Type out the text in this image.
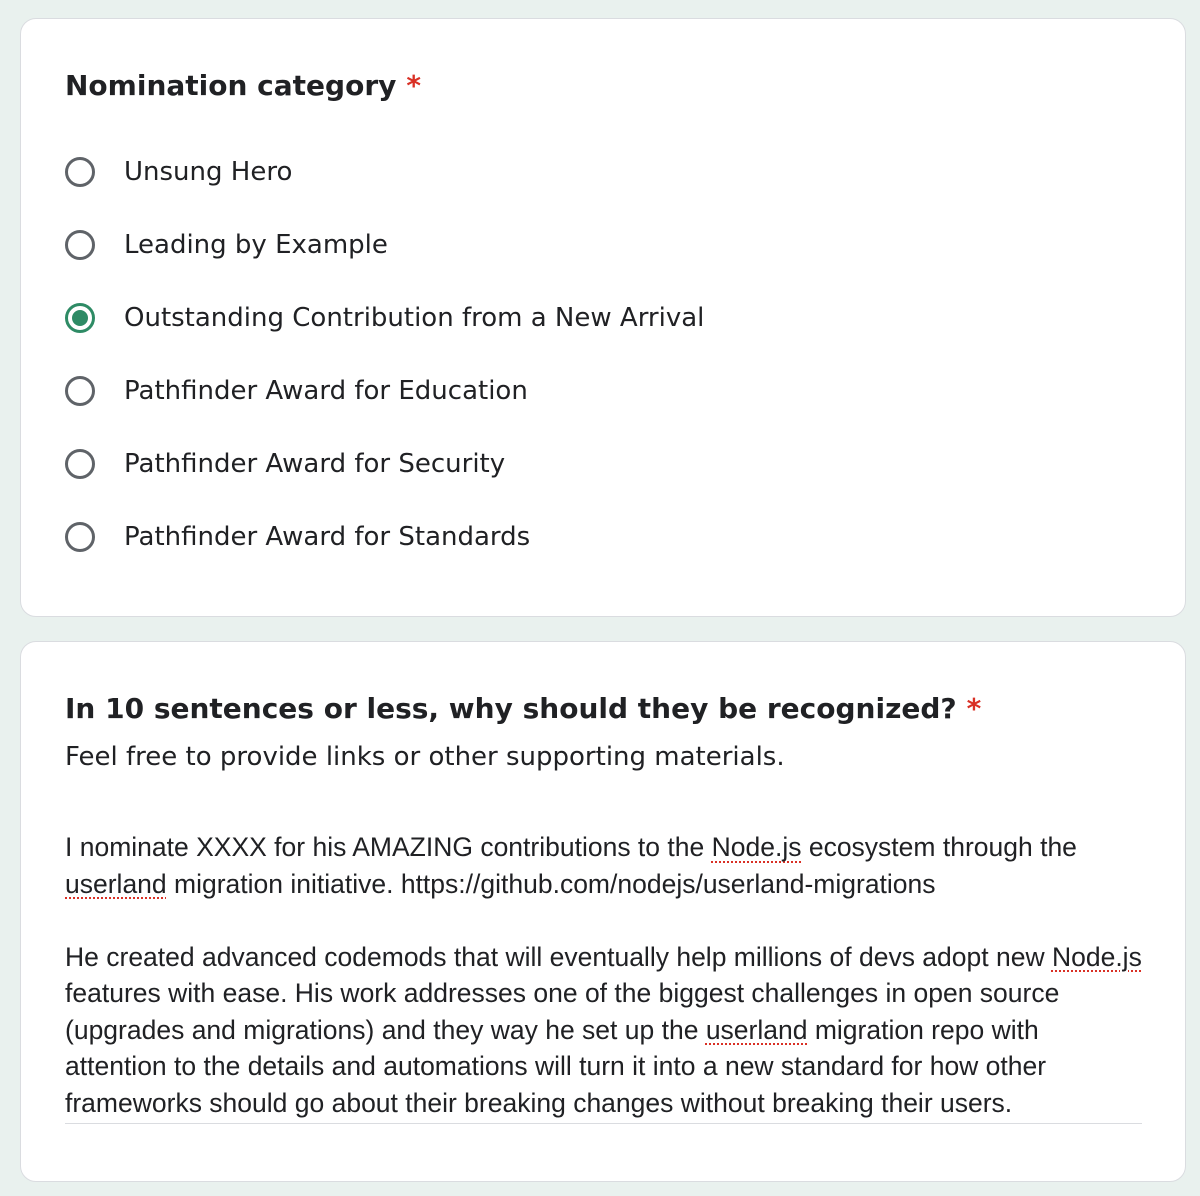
Nomination category *
Unsung Hero
Leading by Example
Outstanding Contribution from a New Arrival
Pathfinder Award for Education
Pathfinder Award for Security
Pathfinder Award for Standards
In 10 sentences or less, why should they be recognized? *
Feel free to provide links or other supporting materials.

I nominate XXXX for his AMAZING contributions to the Node.js ecosystem through the userland migration initiative. https://github.com/nodejs/userland-migrations

He created advanced codemods that will eventually help millions of devs adopt new Node.js features with ease. His work addresses one of the biggest challenges in open source (upgrades and migrations) and they way he set up the userland migration repo with attention to the details and automations will turn it into a new standard for how other frameworks should go about their breaking changes without breaking their users.
